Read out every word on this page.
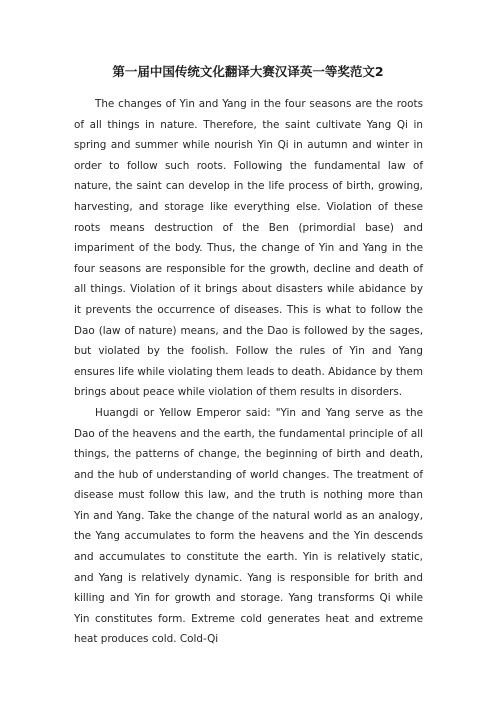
第一届中国传统文化翻译大赛汉译英一等奖范文2

The changes of Yin and Yang in the four seasons are the roots of all things in nature. Therefore, the saint cultivate Yang Qi in spring and summer while nourish Yin Qi in autumn and winter in order to follow such roots. Following the fundamental law of nature, the saint can develop in the life process of birth, growing, harvesting, and storage like everything else. Violation of these roots means destruction of the Ben (primordial base) and impariment of the body. Thus, the change of Yin and Yang in the four seasons are responsible for the growth, decline and death of all things. Violation of it brings about disasters while abidance by it prevents the occurrence of diseases. This is what to follow the Dao (law of nature) means, and the Dao is followed by the sages, but violated by the foolish. Follow the rules of Yin and Yang ensures life while violating them leads to death. Abidance by them brings about peace while violation of them results in disorders.

Huangdi or Yellow Emperor said: "Yin and Yang serve as the Dao of the heavens and the earth, the fundamental principle of all things, the patterns of change, the beginning of birth and death, and the hub of understanding of world changes. The treatment of disease must follow this law, and the truth is nothing more than Yin and Yang. Take the change of the natural world as an analogy, the Yang accumulates to form the heavens and the Yin descends and accumulates to constitute the earth. Yin is relatively static, and Yang is relatively dynamic. Yang is responsible for brith and killing and Yin for growth and storage. Yang transforms Qi while Yin constitutes form. Extreme cold generates heat and extreme heat produces cold. Cold-Qi
